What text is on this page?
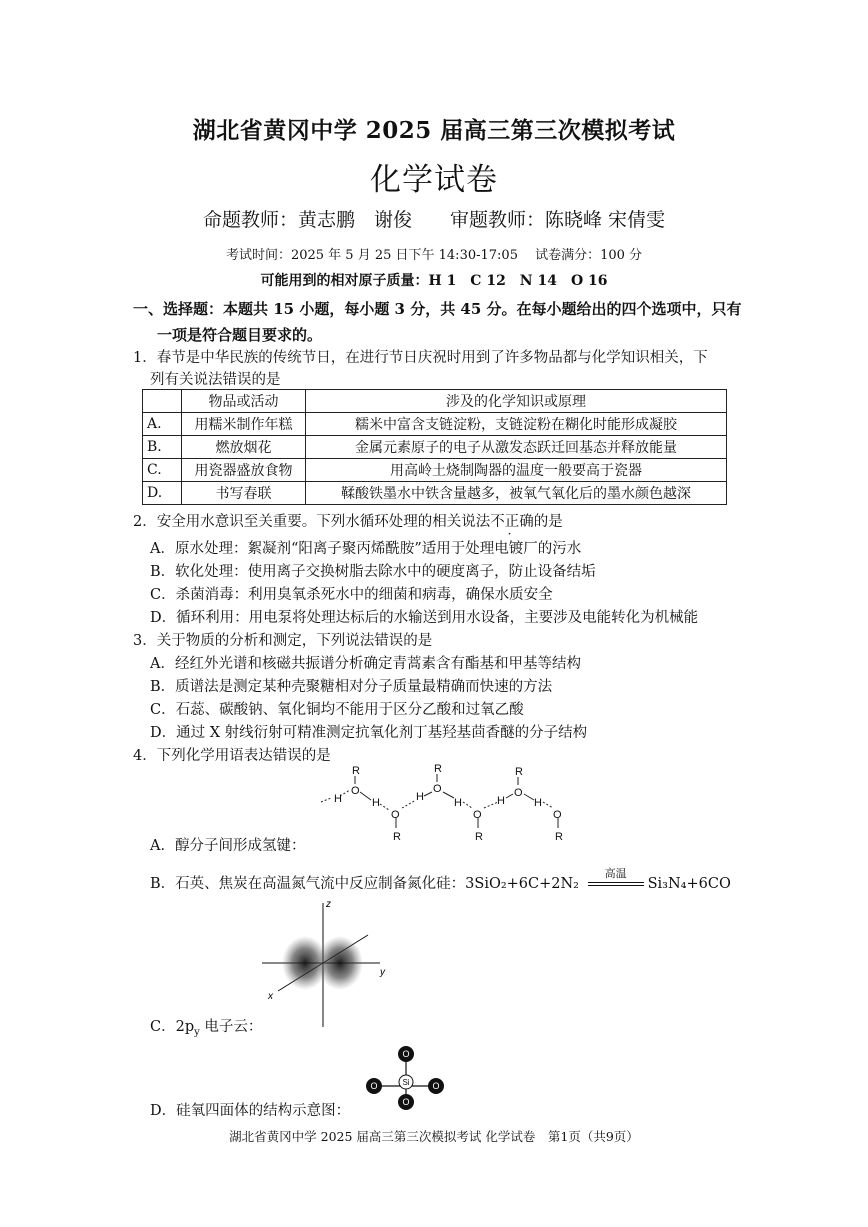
湖北省黄冈中学 2025 届高三第三次模拟考试
化学试卷
命题教师：黄志鹏　谢俊　　审题教师：陈晓峰 宋倩雯
考试时间：2025 年 5 月 25 日下午 14:30-17:05　 试卷满分：100 分
可能用到的相对原子质量：H 1　C 12　N 14　O 16
一、选择题：本题共 15 小题，每小题 3 分，共 45 分。在每小题给出的四个选项中，只有
一项是符合题目要求的。
1．春节是中华民族的传统节日，在进行节日庆祝时用到了许多物品都与化学知识相关，下
列有关说法错误的是
	物品或活动	涉及的化学知识或原理
A.	用糯米制作年糕	糯米中富含支链淀粉，支链淀粉在糊化时能形成凝胶
B.	燃放烟花	金属元素原子的电子从激发态跃迁回基态并释放能量
C.	用瓷器盛放食物	用高岭土烧制陶器的温度一般要高于瓷器
D.	书写春联	鞣酸铁墨水中铁含量越多，被氧气氧化后的墨水颜色越深
2．安全用水意识至关重要。下列水循环处理的相关说法不正确的是
A．原水处理：絮凝剂“阳离子聚丙烯酰胺”适用于处理电镀厂的污水
B．软化处理：使用离子交换树脂去除水中的硬度离子，防止设备结垢
C．杀菌消毒：利用臭氧杀死水中的细菌和病毒，确保水质安全
D．循环利用：用电泵将处理达标后的水输送到用水设备，主要涉及电能转化为机械能
3．关于物质的分析和测定，下列说法错误的是
A．经红外光谱和核磁共振谱分析确定青蒿素含有酯基和甲基等结构
B．质谱法是测定某种壳聚糖相对分子质量最精确而快速的方法
C．石蕊、碳酸钠、氧化铜均不能用于区分乙酸和过氧乙酸
D．通过 X 射线衍射可精准测定抗氧化剂丁基羟基茴香醚的分子结构
4．下列化学用语表达错误的是
H
R
O
H
O
R
H
R
O
H
O
R
H
R
O
H
O
R
A．醇分子间形成氢键：
B．石英、焦炭在高温氮气流中反应制备氮化硅：3SiO₂+6C+2N₂
高温
Si₃N₄+6CO
z
y
x
C．$2p_y$ 电子云：
O
O	O
O
Si
D．硅氧四面体的结构示意图：
湖北省黄冈中学 2025 届高三第三次模拟考试 化学试卷　第1页（共9页）
